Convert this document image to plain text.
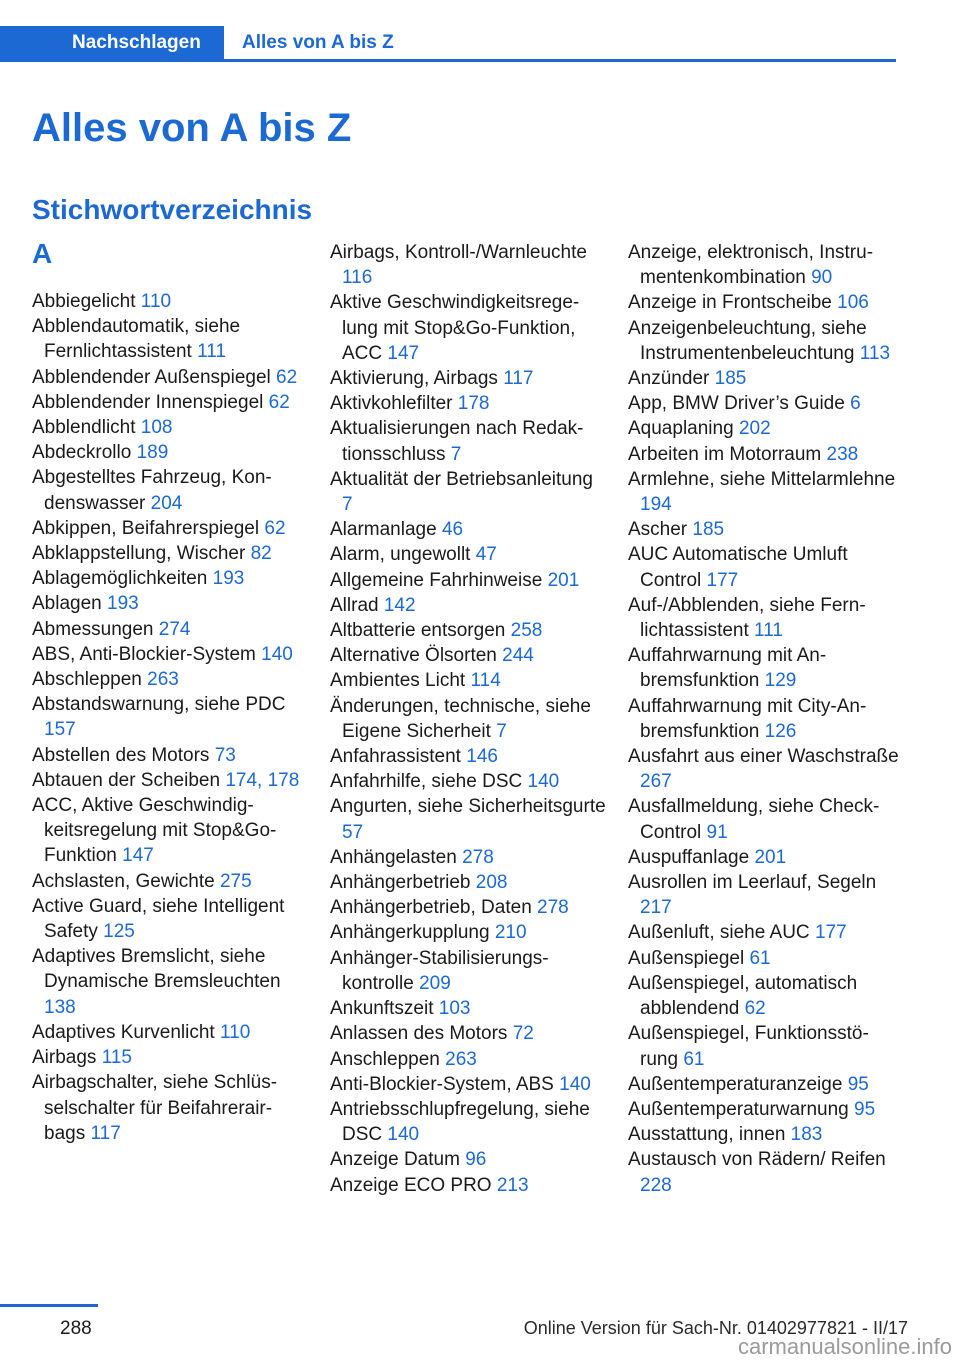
Nachschlagen	Alles von A bis Z
Alles von A bis Z
Stichwortverzeichnis
A
Abbiegelicht 110
Abblendautomatik, siehe Fernlichtassistent 111
Abblendender Außenspiegel 62
Abblendender Innenspiegel 62
Abblendlicht 108
Abdeckrollo 189
Abgestelltes Fahrzeug, Kondenswasser 204
Abkippen, Beifahrerspiegel 62
Abklappstellung, Wischer 82
Ablagemöglichkeiten 193
Ablagen 193
Abmessungen 274
ABS, Anti-Blockier-System 140
Abschleppen 263
Abstandswarnung, siehe PDC 157
Abstellen des Motors 73
Abtauen der Scheiben 174, 178
ACC, Aktive Geschwindigkeitsregelung mit Stop&Go-Funktion 147
Achslasten, Gewichte 275
Active Guard, siehe Intelligent Safety 125
Adaptives Bremslicht, siehe Dynamische Bremsleuchten 138
Adaptives Kurvenlicht 110
Airbags 115
Airbagschalter, siehe Schlüsselschalter für Beifahrerairbags 117
Airbags, Kontroll-/Warnleuchte 116
Aktive Geschwindigkeitsregelung mit Stop&Go-Funktion, ACC 147
Aktivierung, Airbags 117
Aktivkohlefilter 178
Aktualisierungen nach Redaktionsschluss 7
Aktualität der Betriebsanleitung 7
Alarmanlage 46
Alarm, ungewollt 47
Allgemeine Fahrhinweise 201
Allrad 142
Altbatterie entsorgen 258
Alternative Ölsorten 244
Ambientes Licht 114
Änderungen, technische, siehe Eigene Sicherheit 7
Anfahrassistent 146
Anfahrhilfe, siehe DSC 140
Angurten, siehe Sicherheitsgurte 57
Anhängelasten 278
Anhängerbetrieb 208
Anhängerbetrieb, Daten 278
Anhängerkupplung 210
Anhänger-Stabilisierungskontrolle 209
Ankunftszeit 103
Anlassen des Motors 72
Anschleppen 263
Anti-Blockier-System, ABS 140
Antriebsschlupfregelung, siehe DSC 140
Anzeige Datum 96
Anzeige ECO PRO 213
Anzeige, elektronisch, Instrumentenkombination 90
Anzeige in Frontscheibe 106
Anzeigenbeleuchtung, siehe Instrumentenbeleuchtung 113
Anzünder 185
App, BMW Driver’s Guide 6
Aquaplaning 202
Arbeiten im Motorraum 238
Armlehne, siehe Mittelarmlehne 194
Ascher 185
AUC Automatische Umluft Control 177
Auf-/Abblenden, siehe Fernlichtassistent 111
Auffahrwarnung mit Anbremsfunktion 129
Auffahrwarnung mit City-Anbremsfunktion 126
Ausfahrt aus einer Waschstraße 267
Ausfallmeldung, siehe Check-Control 91
Auspuffanlage 201
Ausrollen im Leerlauf, Segeln 217
Außenluft, siehe AUC 177
Außenspiegel 61
Außenspiegel, automatisch abblendend 62
Außenspiegel, Funktionsstörung 61
Außentemperaturanzeige 95
Außentemperaturwarnung 95
Ausstattung, innen 183
Austausch von Rädern/ Reifen 228
288	Online Version für Sach-Nr. 01402977821 - II/17
carmanualsonline.info
